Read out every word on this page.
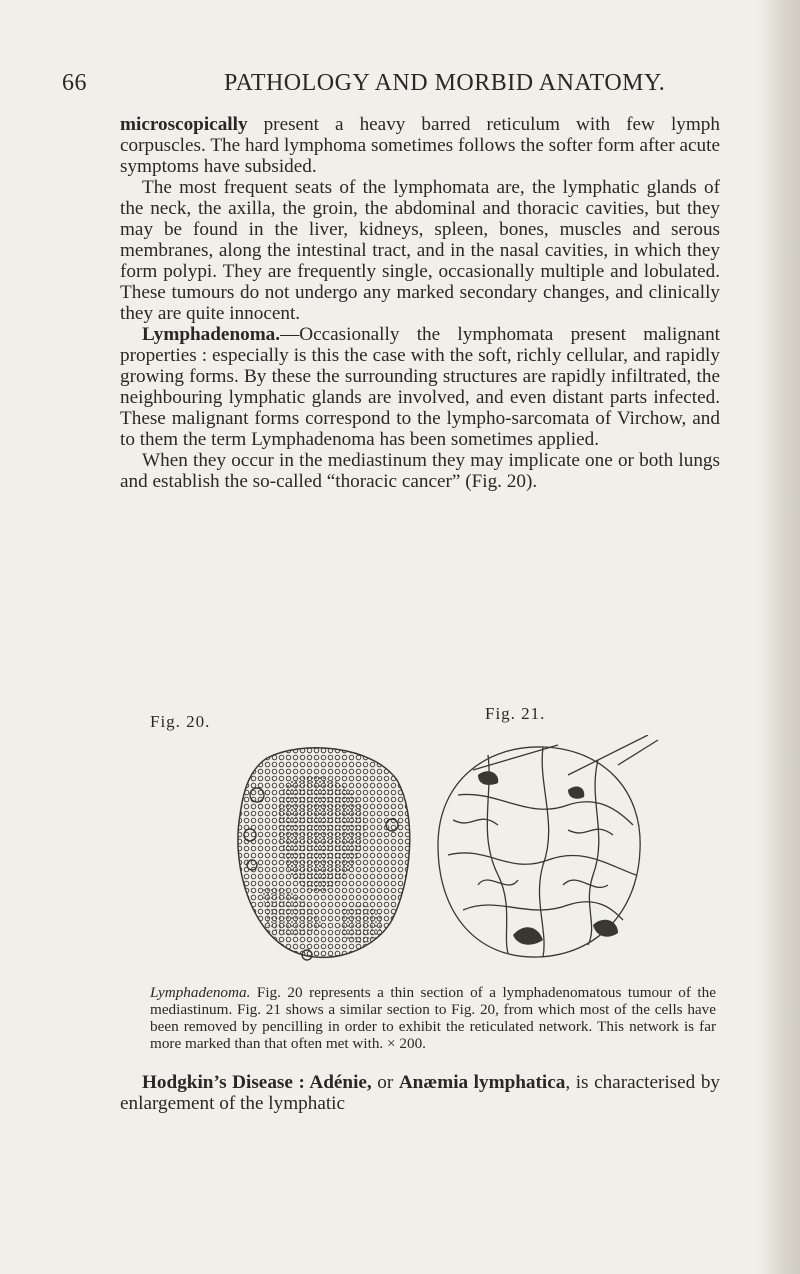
66	PATHOLOGY AND MORBID ANATOMY.

microscopically present a heavy barred reticulum with few lymph corpuscles. The hard lymphoma sometimes follows the softer form after acute symptoms have subsided.

The most frequent seats of the lymphomata are, the lymphatic glands of the neck, the axilla, the groin, the abdominal and thoracic cavities, but they may be found in the liver, kidneys, spleen, bones, muscles and serous membranes, along the intestinal tract, and in the nasal cavities, in which they form polypi. They are frequently single, occasionally multiple and lobulated. These tumours do not undergo any marked secondary changes, and clinically they are quite innocent.

Lymphadenoma.—Occasionally the lymphomata present malignant properties : especially is this the case with the soft, richly cellular, and rapidly growing forms. By these the surrounding structures are rapidly infiltrated, the neighbouring lymphatic glands are involved, and even distant parts infected. These malignant forms correspond to the lympho-sarcomata of Virchow, and to them the term Lymphadenoma has been sometimes applied.

When they occur in the mediastinum they may implicate one or both lungs and establish the so-called “thoracic cancer” (Fig. 20).

Fig. 20.	Fig. 21.

Lymphadenoma. Fig. 20 represents a thin section of a lymphadenomatous tumour of the mediastinum. Fig. 21 shows a similar section to Fig. 20, from which most of the cells have been removed by pencilling in order to exhibit the reticulated network. This network is far more marked than that often met with. × 200.

Hodgkin’s Disease : Adénie, or Anæmia lymphatica, is characterised by enlargement of the lymphatic
